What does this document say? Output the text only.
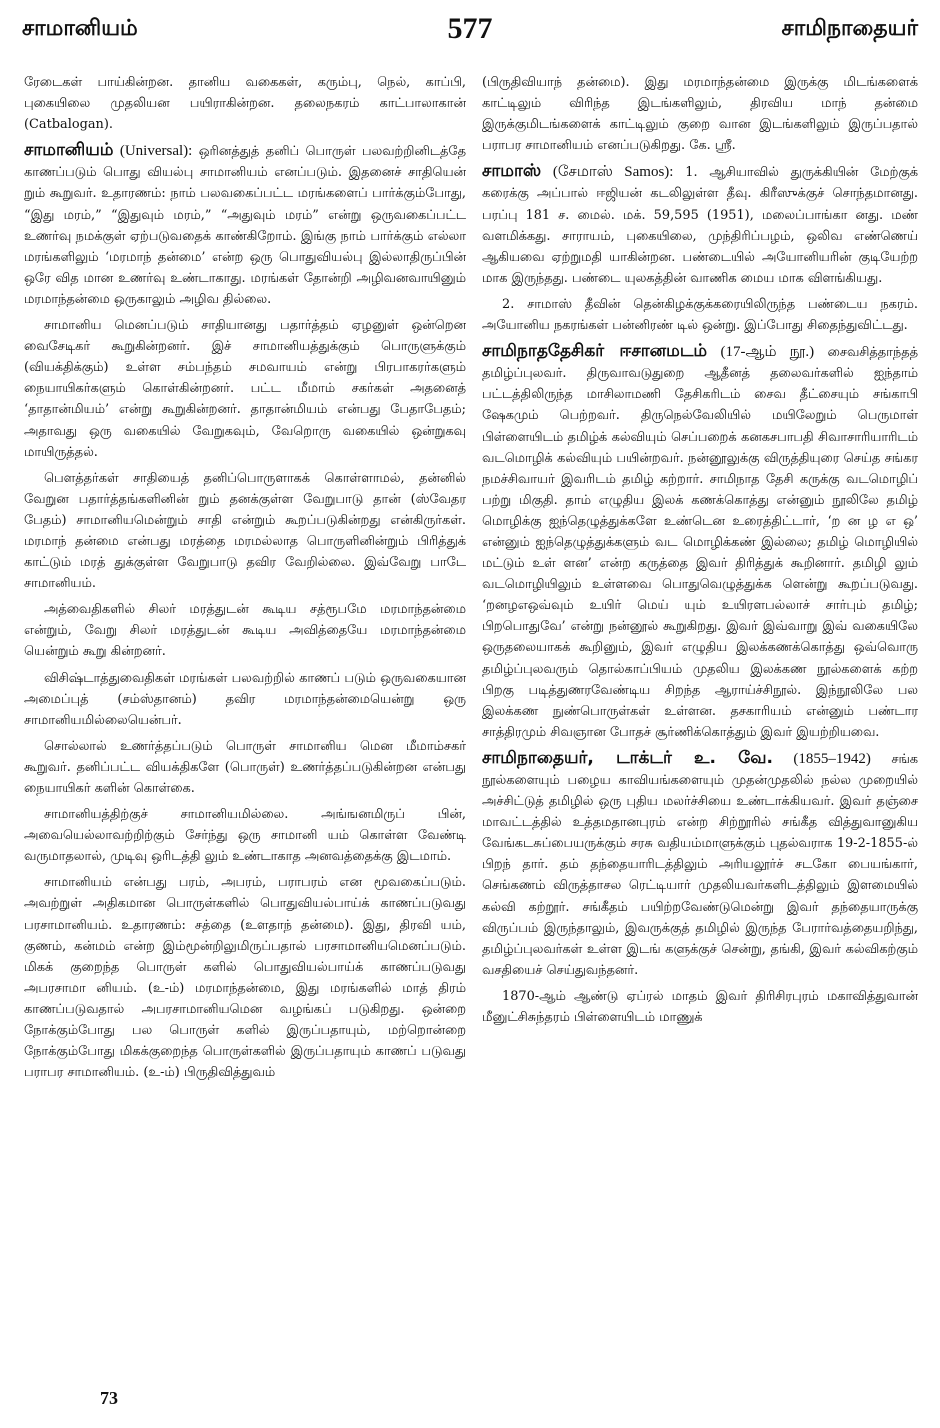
சாமானியம்	577	சாமிநாதையர்

ரேடைகள் பாய்கின்றன. தானிய வகைகள், கரும்பு, நெல், காப்பி, புகையிலை முதலியன பயிராகின்றன. தலைநகரம் காட்பாலாகான் (Catbalogan).

சாமானியம் (Universal): ஒரினத்துத் தனிப் பொருள் பலவற்றினிடத்தே காணப்படும் பொது வியல்பு சாமானியம் எனப்படும். இதனைச் சாதியென் றும் கூறுவர். உதாரணம்: நாம் பலவகைப்பட்ட மரங்களைப் பார்க்கும்போது, “இது மரம்,” “இதுவும் மரம்,” “அதுவும் மரம்” என்று ஒருவகைப்பட்ட உணர்வு நமக்குள் ஏற்படுவதைக் காண்கிறோம். இங்கு நாம் பார்க்கும் எல்லா மரங்களிலும் ‘மரமாந் தன்மை’ என்ற ஒரு பொதுவியல்பு இல்லாதிருப்பின் ஒரே வித மான உணர்வு உண்டாகாது. மரங்கள் தோன்றி அழிவனவாயினும் மரமாந்தன்மை ஒருகாலும் அழிவ தில்லை.

சாமானிய மெனப்படும் சாதியானது பதார்த்தம் ஏழனுள் ஒன்றென வைசேடிகர் கூறுகின்றனர். இச் சாமானியத்துக்கும் பொருளுக்கும் (வியக்திக்கும்) உள்ள சம்பந்தம் சமவாயம் என்று பிரபாகரர்களும் நையாயிகர்களும் கொள்கின்றனர். பட்ட மீமாம் சகர்கள் அதனைத் ‘தாதான்மியம்’ என்று கூறுகின்றனர். தாதான்மியம் என்பது பேதாபேதம்; அதாவது ஒரு வகையில் வேறுகவும், வேறொரு வகையில் ஒன்றுகவு மாயிருத்தல்.

பௌத்தர்கள் சாதியைத் தனிப்பொருளாகக் கொள்ளாமல், தன்னில் வேறுன பதார்த்தங்களினின் றும் தனக்குள்ள வேறுபாடு தான் (ஸ்வேதர பேதம்) சாமானியமென்றும் சாதி என்றும் கூறப்படுகின்றது என்கிருர்கள். மரமாந் தன்மை என்பது மரத்தை மரமல்லாத பொருளினின்றும் பிரித்துக் காட்டும் மரத் துக்குள்ள வேறுபாடு தவிர வேறில்லை. இவ்வேறு பாடே சாமானியம்.

அத்வைதிகளில் சிலர் மரத்துடன் கூடிய சத்ரூபமே மரமாந்தன்மை என்றும், வேறு சிலர் மரத்துடன் கூடிய அவித்தையே மரமாந்தன்மை யென்றும் கூறு கின்றனர்.

விசிஷ்டாத்துவைதிகள் மரங்கள் பலவற்றில் காணப் படும் ஒருவகையான அமைப்புத் (சம்ஸ்தானம்) தவிர மரமாந்தன்மையென்று ஒரு சாமானியமில்லையென்பர்.

சொல்லால் உணர்த்தப்படும் பொருள் சாமானிய மென மீமாம்சகர் கூறுவர். தனிப்பட்ட வியக்திகளே (பொருள்) உணர்த்தப்படுகின்றன என்பது நையாயிகர் களின் கொள்கை.

சாமானியத்திற்குச் சாமானியமில்லை. அங்ஙனமிருப் பின், அவையெல்லாவற்றிற்கும் சேர்ந்து ஒரு சாமானி யம் கொள்ள வேண்டி வருமாதலால், முடிவு ஒரிடத்தி லும் உண்டாகாத அனவத்தைக்கு இடமாம்.

சாமானியம் என்பது பரம், அபரம், பராபரம் என மூவகைப்படும். அவற்றுள் அதிகமான பொருள்களில் பொதுவியல்பாய்க் காணப்படுவது பரசாமானியம். உதாரணம்: சத்தை (உளதாந் தன்மை). இது, திரவி யம், குணம், கன்மம் என்ற இம்மூன்றிலுமிருப்பதால் பரசாமானியமெனப்படும். மிகக் குறைந்த பொருள் களில் பொதுவியல்பாய்க் காணப்படுவது அபரசாமா னியம். (உ-ம்) மரமாந்தன்மை, இது மரங்களில் மாத் திரம் காணப்படுவதால் அபரசாமானியமென வழங்கப் படுகிறது. ஒன்றை நோக்கும்போது பல பொருள் களில் இருப்பதாயும், மற்றொன்றை நோக்கும்போது மிகக்குறைந்த பொருள்களில் இருப்பதாயும் காணப் படுவது பராபர சாமானியம். (உ-ம்) பிருதிவித்துவம்

(பிருதிவியாந் தன்மை). இது மரமாந்தன்மை இருக்கு மிடங்களைக் காட்டிலும் விரிந்த இடங்களிலும், திரவிய மாந் தன்மை இருக்குமிடங்களைக் காட்டிலும் குறை வான இடங்களிலும் இருப்பதால் பராபர சாமானியம் எனப்படுகிறது. கே. ஸ்ரீ.

சாமாஸ் (சேமாஸ் Samos): 1. ஆசியாவில் துருக்கியின் மேற்குக் கரைக்கு அப்பால் ஈஜியன் கடலிலுள்ள தீவு. கிரீஸுக்குச் சொந்தமானது. பரப்பு 181 ச. மைல். மக். 59,595 (1951), மலைப்பாங்கா னது. மண் வளமிக்கது. சாராயம், புகையிலை, முந்திரிப்பழம், ஒலிவ எண்ணெய் ஆகியவை ஏற்றுமதி யாகின்றன. பண்டையில் அயோனியரின் குடியேற்ற மாக இருந்தது. பண்டை யுலகத்தின் வாணிக மைய மாக விளங்கியது.

2. சாமாஸ் தீவின் தென்கிழக்குக்கரையிலிருந்த பண்டைய நகரம். அயோனிய நகரங்கள் பன்னிரண் டில் ஒன்று. இப்போது சிதைந்துவிட்டது.

சாமிநாததேசிகர் ஈசானமடம் (17-ஆம் நூ.) சைவசித்தாந்தத் தமிழ்ப்புலவர். திருவாவடுதுறை ஆதீனத் தலைவர்களில் ஐந்தாம் பட்டத்திலிருந்த மாசிலாமணி தேசிகரிடம் சைவ தீட்சையும் சங்காபி ஷேகமும் பெற்றவர். திருநெல்வேலியில் மயிலேறும் பெருமாள் பிள்ளையிடம் தமிழ்க் கல்வியும் செப்பறைக் கனகசபாபதி சிவாசாரியாரிடம் வடமொழிக் கல்வியும் பயின்றவர். நன்னூலுக்கு விருத்தியுரை செய்த சங்கர நமச்சிவாயர் இவரிடம் தமிழ் கற்றார். சாமிநாத தேசி கருக்கு வடமொழிப் பற்று மிகுதி. தாம் எழுதிய இலக் கணக்கொத்து என்னும் நூலிலே தமிழ் மொழிக்கு ஐந்தெழுத்துக்களே உண்டென உரைத்திட்டார், ‘ற ன ழ எ ஒ’ என்னும் ஐந்தெழுத்துக்களும் வட மொழிக்கண் இல்லை; தமிழ் மொழியில் மட்டும் உள் ளன’ என்ற கருத்தை இவர் திரித்துக் கூறினார். தமிழி லும் வடமொழியிலும் உள்ளவை பொதுவெழுத்துக்க ளென்று கூறப்படுவது. ‘றனழஎஒவ்வும் உயிர் மெய் யும் உயிரளபல்லாச் சார்பும் தமிழ்; பிறபொதுவே’ என்று நன்னூல் கூறுகிறது. இவர் இவ்வாறு இவ் வகையிலே ஒருதலையாகக் கூறினும், இவர் எழுதிய இலக்கணக்கொத்து ஒவ்வொரு தமிழ்ப்புலவரும் தொல்காப்பியம் முதலிய இலக்கண நூல்களைக் கற்ற பிறகு படித்துணரவேண்டிய சிறந்த ஆராய்ச்சிநூல். இந்நூலிலே பல இலக்கண நுண்பொருள்கள் உள்ளன. தசகாரியம் என்னும் பண்டார சாத்திரமும் சிவஞான போதச் சூர்ணிக்கொத்தும் இவர் இயற்றியவை.

சாமிநாதையர், டாக்டர் உ. வே. (1855–1942) சங்க நூல்களையும் பழைய காவியங்களையும் முதன்முதலில் நல்ல முறையில் அச்சிட்டுத் தமிழில் ஒரு புதிய மலர்ச்சியை உண்டாக்கியவர். இவர் தஞ்சை மாவட்டத்தில் உத்தமதானபுரம் என்ற சிற்றூரில் சங்கீத வித்துவானுகிய வேங்கடசுப்பையருக்கும் சரசு வதியம்மாளுக்கும் புதல்வராக 19-2-1855-ல் பிறந் தார். தம் தந்தையாரிடத்திலும் அரியலூர்ச் சடகோ பையங்கார், செங்கணம் விருத்தாசல ரெட்டியார் முதலியவர்களிடத்திலும் இளமையில் கல்வி கற்றூர். சங்கீதம் பயிற்றவேண்டுமென்று இவர் தந்தையாருக்கு விருப்பம் இருந்தாலும், இவருக்குத் தமிழில் இருந்த பேரார்வத்தையறிந்து, தமிழ்ப்புலவர்கள் உள்ள இடங் களுக்குச் சென்று, தங்கி, இவர் கல்விகற்கும் வசதியைச் செய்துவந்தனர்.

1870-ஆம் ஆண்டு ஏப்ரல் மாதம் இவர் திரிசிரபுரம் மகாவித்துவான் மீனுட்சிசுந்தரம் பிள்ளையிடம் மாணுக்

73
